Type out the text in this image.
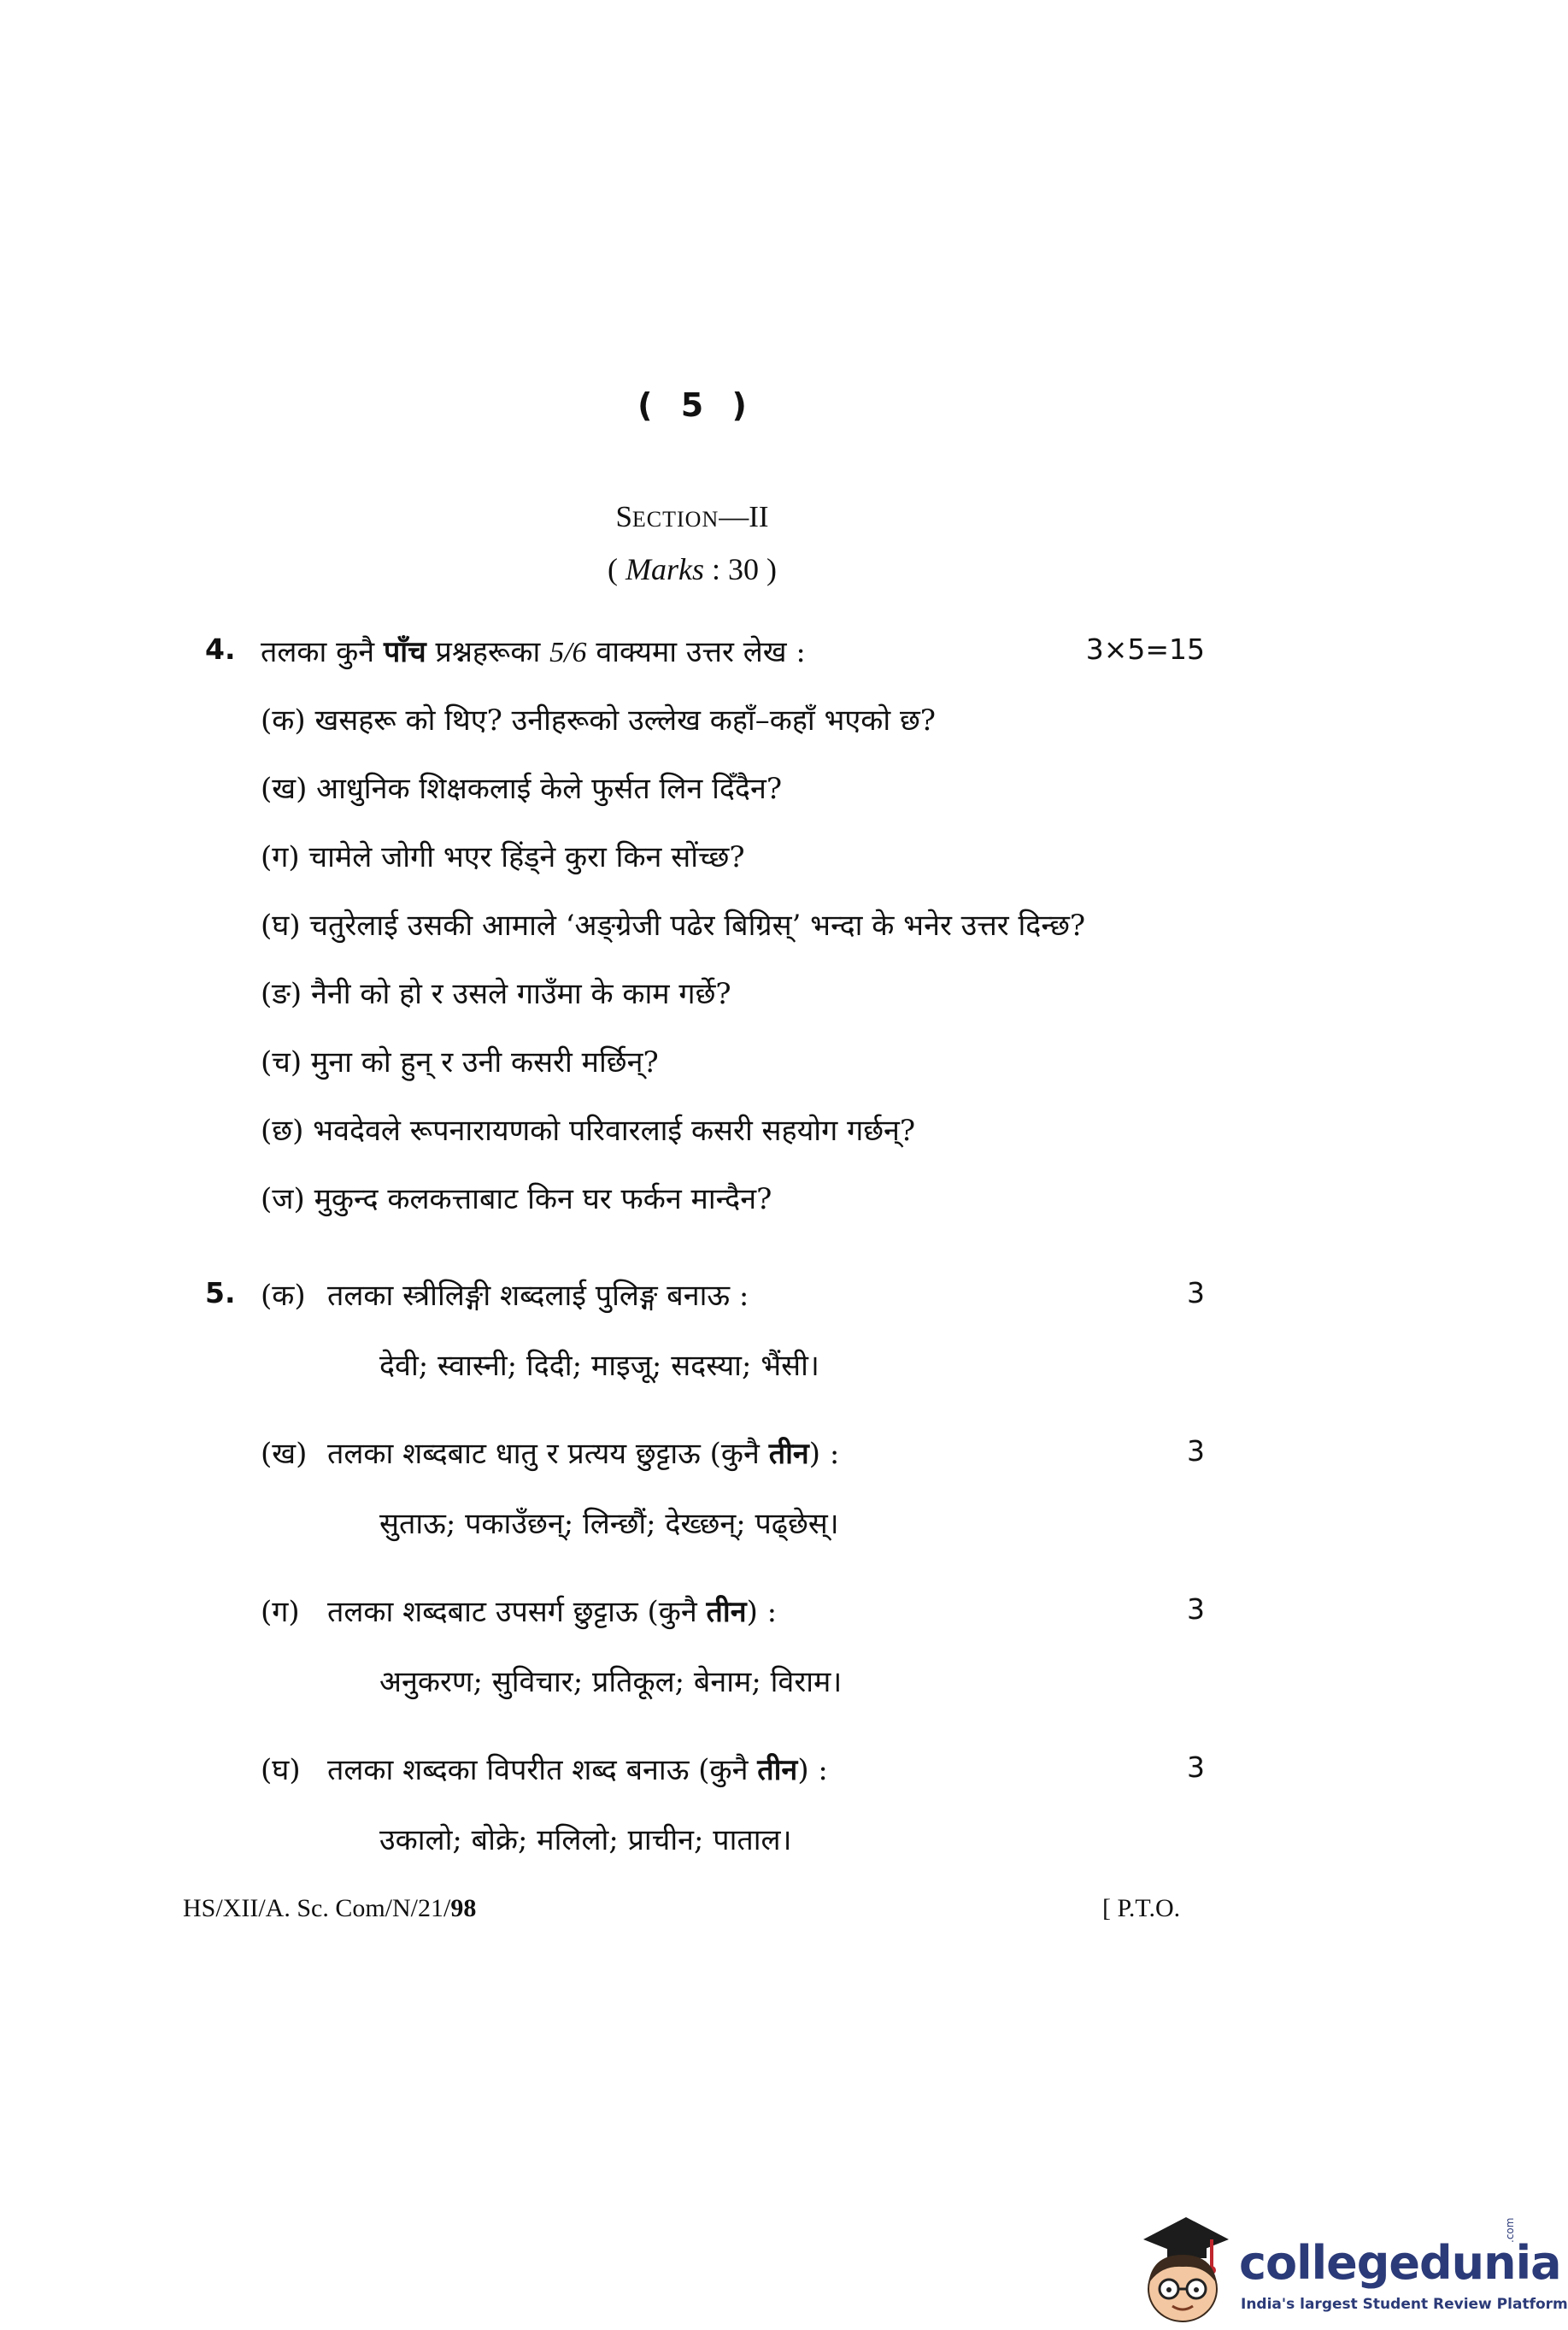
( 5 )
SECTION—II
( Marks : 30 )
4. तलका कुनै पाँच प्रश्नहरूका 5/6 वाक्यमा उत्तर लेख :	3×5=15
(क) खसहरू को थिए? उनीहरूको उल्लेख कहाँ–कहाँ भएको छ?
(ख) आधुनिक शिक्षकलाई केले फुर्सत लिन दिँदैन?
(ग) चामेले जोगी भएर हिंड्ने कुरा किन सोंच्छ?
(घ) चतुरेलाई उसकी आमाले ‘अङ्ग्रेजी पढेर बिग्रिस्’ भन्दा के भनेर उत्तर दिन्छ?
(ङ) नैनी को हो र उसले गाउँमा के काम गर्छे?
(च) मुना को हुन् र उनी कसरी मर्छिन्?
(छ) भवदेवले रूपनारायणको परिवारलाई कसरी सहयोग गर्छन्?
(ज) मुकुन्द कलकत्ताबाट किन घर फर्कन मान्दैन?
5. (क) तलका स्त्रीलिङ्गी शब्दलाई पुलिङ्ग बनाऊ :	3
देवी; स्वास्नी; दिदी; माइजू; सदस्या; भैंसी।
(ख) तलका शब्दबाट धातु र प्रत्यय छुट्टाऊ (कुनै तीन) :	3
सुताऊ; पकाउँछन्; लिन्छौं; देख्छन्; पढ्छेस्।
(ग) तलका शब्दबाट उपसर्ग छुट्टाऊ (कुनै तीन) :	3
अनुकरण; सुविचार; प्रतिकूल; बेनाम; विराम।
(घ) तलका शब्दका विपरीत शब्द बनाऊ (कुनै तीन) :	3
उकालो; बोक्रे; मलिलो; प्राचीन; पाताल।
HS/XII/A. Sc. Com/N/21/98	[ P.T.O.
collegedunia
.com
India's largest Student Review Platform
